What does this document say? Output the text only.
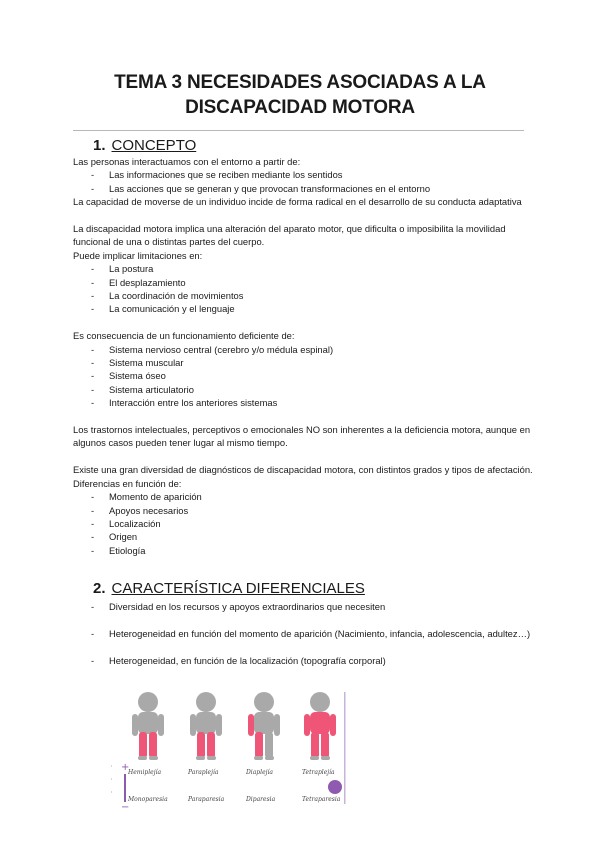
TEMA 3 NECESIDADES ASOCIADAS A LA
DISCAPACIDAD MOTORA
1. CONCEPTO

Las personas interactuamos con el entorno a partir de:

- Las informaciones que se reciben mediante los sentidos
- Las acciones que se generan y que provocan transformaciones en el entorno

La capacidad de moverse de un individuo incide de forma radical en el desarrollo de su conducta adaptativa

La discapacidad motora implica una alteración del aparato motor, que dificulta o imposibilita la movilidad funcional de una o distintas partes del cuerpo.

Puede implicar limitaciones en:

- La postura
- El desplazamiento
- La coordinación de movimientos
- La comunicación y el lenguaje

Es consecuencia de un funcionamiento deficiente de:

- Sistema nervioso central (cerebro y/o médula espinal)
- Sistema muscular
- Sistema óseo
- Sistema articulatorio
- Interacción entre los anteriores sistemas

Los trastornos intelectuales, perceptivos o emocionales NO son inherentes a la deficiencia motora, aunque en algunos casos pueden tener lugar al mismo tiempo.

Existe una gran diversidad de diagnósticos de discapacidad motora, con distintos grados y tipos de afectación. Diferencias en función de:

- Momento de aparición
- Apoyos necesarios
- Localización
- Origen
- Etiología
2. CARACTERÍSTICA DIFERENCIALES
- Diversidad en los recursos y apoyos extraordinarios que necesiten
- Heterogeneidad en función del momento de aparición (Nacimiento, infancia, adolescencia, adultez…)
- Heterogeneidad, en función de la localización (topografía corporal)
+
−
ı
ı
ı
Hemiplejía	Paraplejía	Diaplejía	Tetraplejía
Monoparesia	Paraparesia	Diparesia	Tetraparesia
